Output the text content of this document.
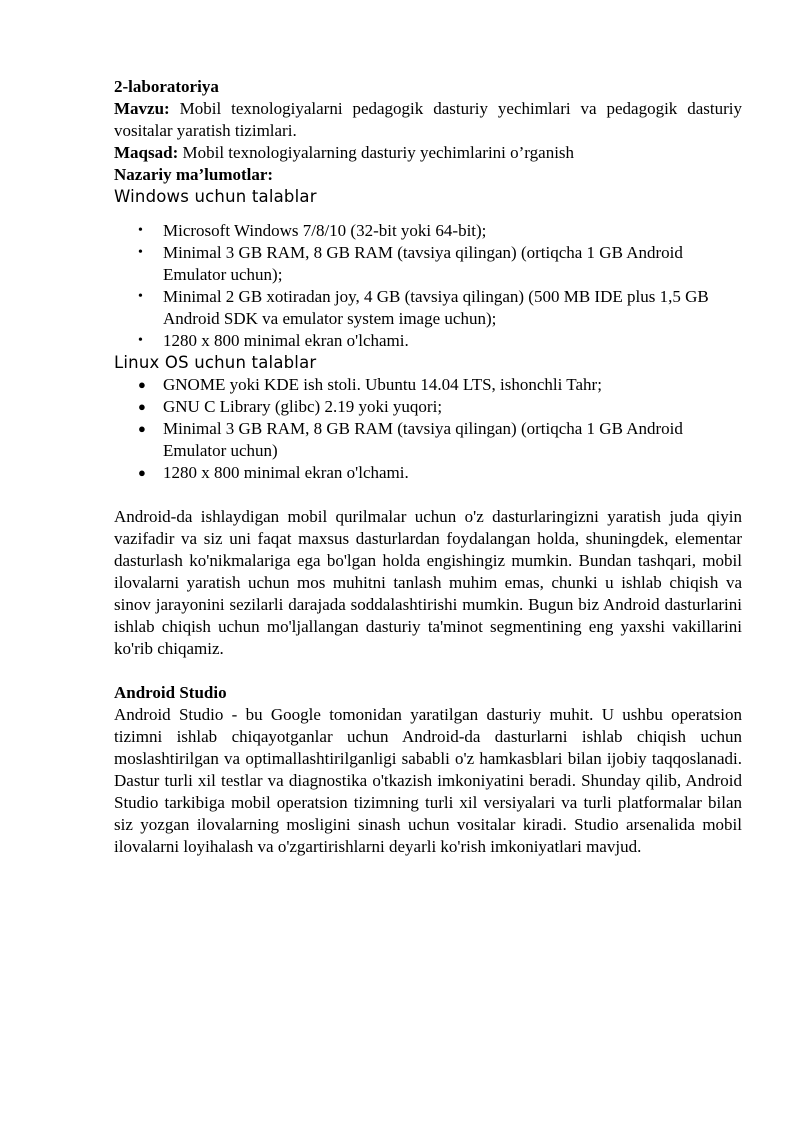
2-laboratoriya

Mavzu: Mobil texnologiyalarni pedagogik dasturiy yechimlari va pedagogik dasturiy vositalar yaratish tizimlari.

Maqsad: Mobil texnologiyalarning dasturiy yechimlarini o’rganish

Nazariy ma’lumotlar:

Windows uchun talablar

• Microsoft Windows 7/8/10 (32-bit yoki 64-bit);
• Minimal 3 GB RAM, 8 GB RAM (tavsiya qilingan) (ortiqcha 1 GB Android Emulator uchun);
• Minimal 2 GB xotiradan joy, 4 GB (tavsiya qilingan) (500 MB IDE plus 1,5 GB Android SDK va emulator system image uchun);
• 1280 x 800 minimal ekran o'lchami.

Linux OS uchun talablar

● GNOME yoki KDE ish stoli. Ubuntu 14.04 LTS, ishonchli Tahr;
● GNU C Library (glibc) 2.19 yoki yuqori;
● Minimal 3 GB RAM, 8 GB RAM (tavsiya qilingan) (ortiqcha 1 GB Android Emulator uchun)
● 1280 x 800 minimal ekran o'lchami.

Android-da ishlaydigan mobil qurilmalar uchun o'z dasturlaringizni yaratish juda qiyin vazifadir va siz uni faqat maxsus dasturlardan foydalangan holda, shuningdek, elementar dasturlash ko'nikmalariga ega bo'lgan holda engishingiz mumkin. Bundan tashqari, mobil ilovalarni yaratish uchun mos muhitni tanlash muhim emas, chunki u ishlab chiqish va sinov jarayonini sezilarli darajada soddalashtirishi mumkin. Bugun biz Android dasturlarini ishlab chiqish uchun mo'ljallangan dasturiy ta'minot segmentining eng yaxshi vakillarini ko'rib chiqamiz.

Android Studio

Android Studio - bu Google tomonidan yaratilgan dasturiy muhit. U ushbu operatsion tizimni ishlab chiqayotganlar uchun Android-da dasturlarni ishlab chiqish uchun moslashtirilgan va optimallashtirilganligi sababli o'z hamkasblari bilan ijobiy taqqoslanadi. Dastur turli xil testlar va diagnostika o'tkazish imkoniyatini beradi. Shunday qilib, Android Studio tarkibiga mobil operatsion tizimning turli xil versiyalari va turli platformalar bilan siz yozgan ilovalarning mosligini sinash uchun vositalar kiradi. Studio arsenalida mobil ilovalarni loyihalash va o'zgartirishlarni deyarli ko'rish imkoniyatlari mavjud.
